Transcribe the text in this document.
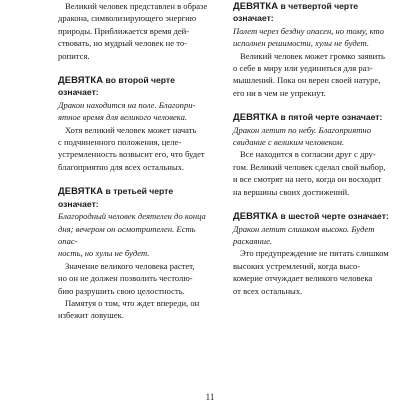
Великий человек представлен в образе
дракона, символизирующего энергию
природы. Приближается время дей-
ствовать, но мудрый человек не то-
ропится.

ДЕВЯТКА во второй черте
означает:

Дракон находится на поле. Благопри-
ятное время для великого человека.

Хотя великий человек может начать
с подчиненного положения, целе-
устремленность возвысит его, что будет
благоприятно для всех остальных.

ДЕВЯТКА в третьей черте означает:

Благородный человек деятелен до конца
дня; вечером он осмотрителен. Есть опас-
ность, но хулы не будет.

Значение великого человека растет,
но он не должен позволить честолю-
бию разрушить свою целостность.

Памятуя о том, что ждет впереди, он
избежит ловушек.

ДЕВЯТКА в четвертой черте
означает:

Полет через бездну опасен, но тому, кто
исполнен решимости, хулы не будет.

Великий человек может громко заявить
о себе в миру или уединиться для раз-
мышлений. Пока он верен своей натуре,
его ни в чем не упрекнут.

ДЕВЯТКА в пятой черте означает:

Дракон летит по небу. Благоприятно
свидание с великим человеком.

Все находится в согласии друг с дру-
гом. Великий человек сделал свой выбор,
и все смотрят на него, когда он восходит
на вершины своих достижений.

ДЕВЯТКА в шестой черте означает:

Дракон летит слишком высоко. Будет
раскаяние.

Это предупреждение не питать слишком
высоких устремлений, когда высо-
комерие отчуждает великого человека
от всех остальных.

11
